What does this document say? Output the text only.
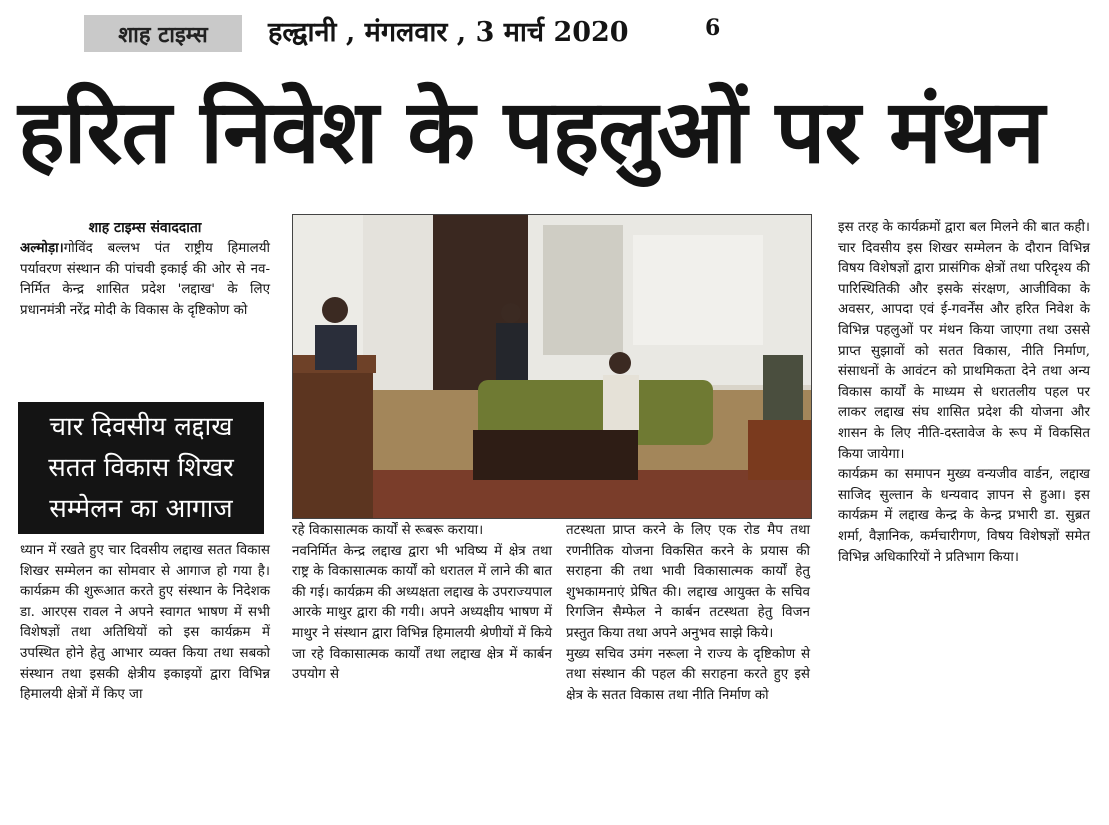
शाह टाइम्स	हल्द्वानी , मंगलवार , 3 मार्च 2020	6
हरित निवेश के पहलुओं पर मंथन
शाह टाइम्स संवाददाता

अल्मोड़ा।गोविंद बल्लभ पंत राष्ट्रीय हिमालयी पर्यावरण संस्थान की पांचवी इकाई की ओर से नव-निर्मित केन्द्र शासित प्रदेश 'लद्दाख' के लिए प्रधानमंत्री नरेंद्र मोदी के विकास के दृष्टिकोण को

चार दिवसीय लद्दाख
सतत विकास शिखर
सम्मेलन का आगाज

ध्यान में रखते हुए चार दिवसीय लद्दाख सतत विकास शिखर सम्मेलन का सोमवार से आगाज हो गया है। कार्यक्रम की शुरूआत करते हुए संस्थान के निदेशक डा. आरएस रावल ने अपने स्वागत भाषण में सभी विशेषज्ञों तथा अतिथियों को इस कार्यक्रम में उपस्थित होने हेतु आभार व्यक्त किया तथा सबको संस्थान तथा इसकी क्षेत्रीय इकाइयों द्वारा विभिन्न हिमालयी क्षेत्रों में किए जा

रहे विकासात्मक कार्यों से रूबरू कराया।

नवनिर्मित केन्द्र लद्दाख द्वारा भी भविष्य में क्षेत्र तथा राष्ट्र के विकासात्मक कार्यों को धरातल में लाने की बात की गई। कार्यक्रम की अध्यक्षता लद्दाख के उपराज्यपाल आरके माथुर द्वारा की गयी। अपने अध्यक्षीय भाषण में माथुर ने संस्थान द्वारा विभिन्न हिमालयी श्रेणीयों में किये जा रहे विकासात्मक कार्यों तथा लद्दाख क्षेत्र में कार्बन उपयोग से

तटस्थता प्राप्त करने के लिए एक रोड मैप तथा रणनीतिक योजना विकसित करने के प्रयास की सराहना की तथा भावी विकासात्मक कार्यों हेतु शुभकामनाएं प्रेषित की। लद्दाख आयुक्त के सचिव रिगजिन सैम्फेल ने कार्बन तटस्थता हेतु विजन प्रस्तुत किया तथा अपने अनुभव साझे किये।

मुख्य सचिव उमंग नरूला ने राज्य के दृष्टिकोण से तथा संस्थान की पहल की सराहना करते हुए इसे क्षेत्र के सतत विकास तथा नीति निर्माण को

इस तरह के कार्यक्रमों द्वारा बल मिलने की बात कही। चार दिवसीय इस शिखर सम्मेलन के दौरान विभिन्न विषय विशेषज्ञों द्वारा प्रासंगिक क्षेत्रों तथा परिदृश्य की पारिस्थितिकी और इसके संरक्षण, आजीविका के अवसर, आपदा एवं ई-गवर्नेंस और हरित निवेश के विभिन्न पहलुओं पर मंथन किया जाएगा तथा उससे प्राप्त सुझावों को सतत विकास, नीति निर्माण, संसाधनों के आवंटन को प्राथमिकता देने तथा अन्य विकास कार्यों के माध्यम से धरातलीय पहल पर लाकर लद्दाख संघ शासित प्रदेश की योजना और शासन के लिए नीति-दस्तावेज के रूप में विकसित किया जायेगा।

कार्यक्रम का समापन मुख्य वन्यजीव वार्डन, लद्दाख साजिद सुल्तान के धन्यवाद ज्ञापन से हुआ। इस कार्यक्रम में लद्दाख केन्द्र के केन्द्र प्रभारी डा. सुब्रत शर्मा, वैज्ञानिक, कर्मचारीगण, विषय विशेषज्ञों समेत विभिन्न अधिकारियों ने प्रतिभाग किया।
